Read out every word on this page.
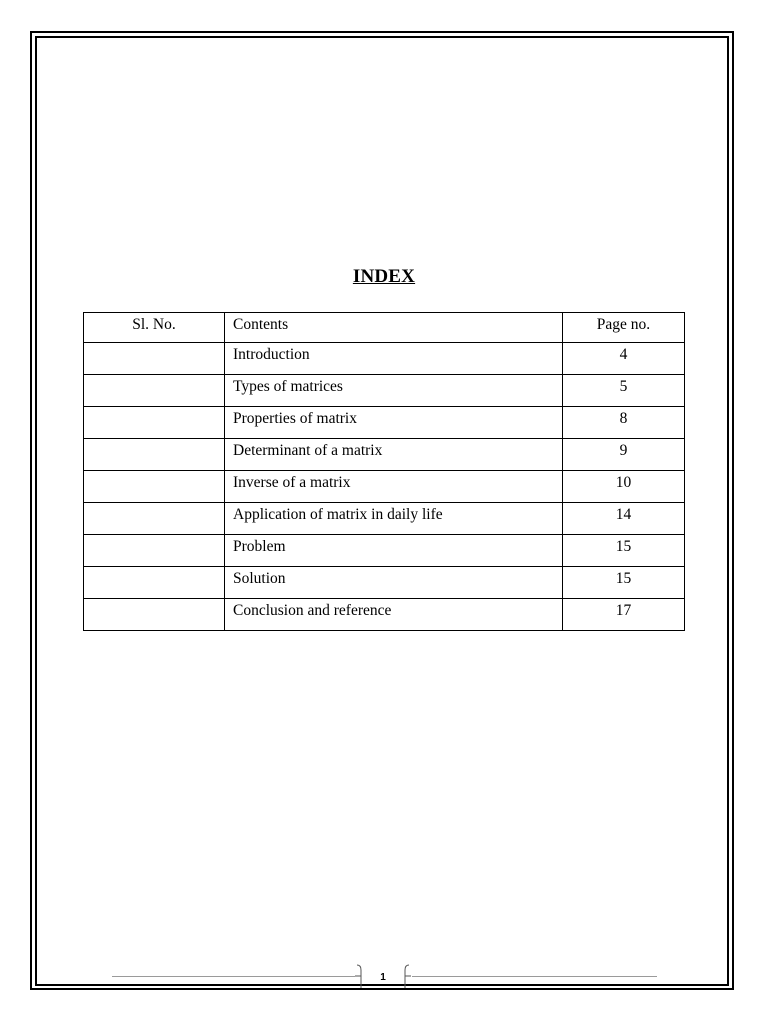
INDEX
Sl. No.	Contents	Page no.
	Introduction	4
	Types of matrices	5
	Properties of matrix	8
	Determinant of a matrix	9
	Inverse of a matrix	10
	Application of matrix in daily life	14
	Problem	15
	Solution	15
	Conclusion and reference	17
1
